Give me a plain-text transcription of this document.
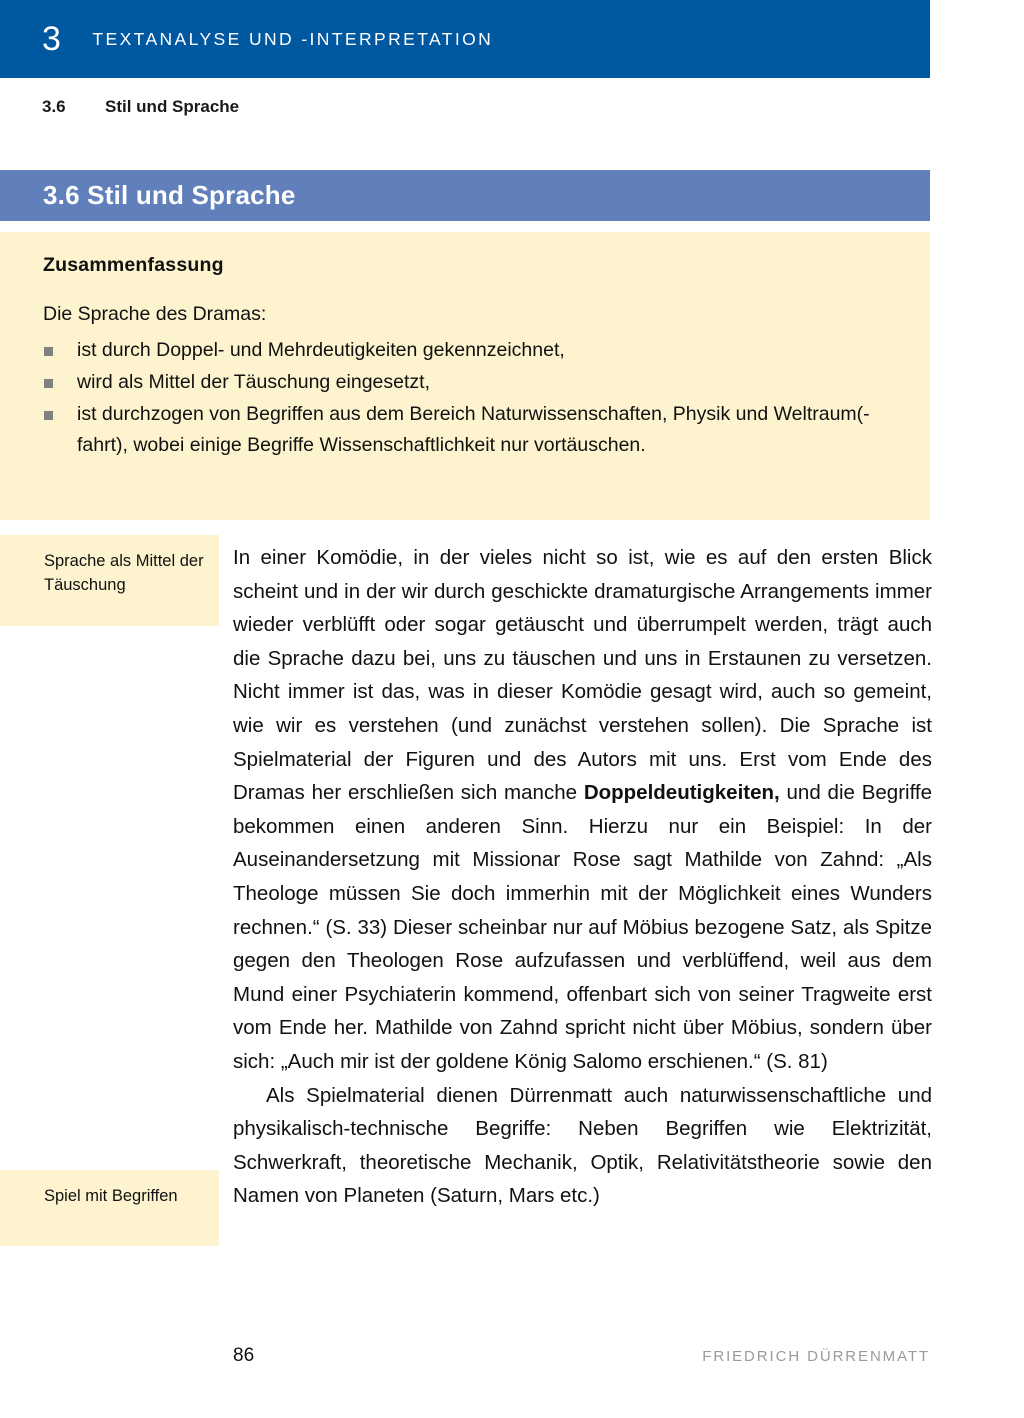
3 TEXTANALYSE UND -INTERPRETATION
3.6	Stil und Sprache
3.6 Stil und Sprache
Zusammenfassung

Die Sprache des Dramas:

ist durch Doppel- und Mehrdeutigkeiten gekennzeichnet,
wird als Mittel der Täuschung eingesetzt,
ist durchzogen von Begriffen aus dem Bereich Naturwissenschaften, Physik und Weltraum(-fahrt), wobei einige Begriffe Wissenschaftlichkeit nur vortäuschen.
Sprache als Mittel der Täuschung
Spiel mit Begriffen

In einer Komödie, in der vieles nicht so ist, wie es auf den ersten Blick scheint und in der wir durch geschickte dramaturgische Arrangements immer wieder verblüfft oder sogar getäuscht und überrumpelt werden, trägt auch die Sprache dazu bei, uns zu täuschen und uns in Erstaunen zu versetzen. Nicht immer ist das, was in dieser Komödie gesagt wird, auch so gemeint, wie wir es verstehen (und zunächst verstehen sollen). Die Sprache ist Spielmaterial der Figuren und des Autors mit uns. Erst vom Ende des Dramas her erschließen sich manche Doppeldeutigkeiten, und die Begriffe bekommen einen anderen Sinn. Hierzu nur ein Beispiel: In der Auseinandersetzung mit Missionar Rose sagt Mathilde von Zahnd: „Als Theologe müssen Sie doch immerhin mit der Möglichkeit eines Wunders rechnen.“ (S. 33) Dieser scheinbar nur auf Möbius bezogene Satz, als Spitze gegen den Theologen Rose aufzufassen und verblüffend, weil aus dem Mund einer Psychiaterin kommend, offenbart sich von seiner Tragweite erst vom Ende her. Mathilde von Zahnd spricht nicht über Möbius, sondern über sich: „Auch mir ist der goldene König Salomo erschienen.“ (S. 81)

Als Spielmaterial dienen Dürrenmatt auch naturwissenschaftliche und physikalisch-technische Begriffe: Neben Begriffen wie Elektrizität, Schwerkraft, theoretische Mechanik, Optik, Relativitätstheorie sowie den Namen von Planeten (Saturn, Mars etc.)

86	FRIEDRICH DÜRRENMATT
